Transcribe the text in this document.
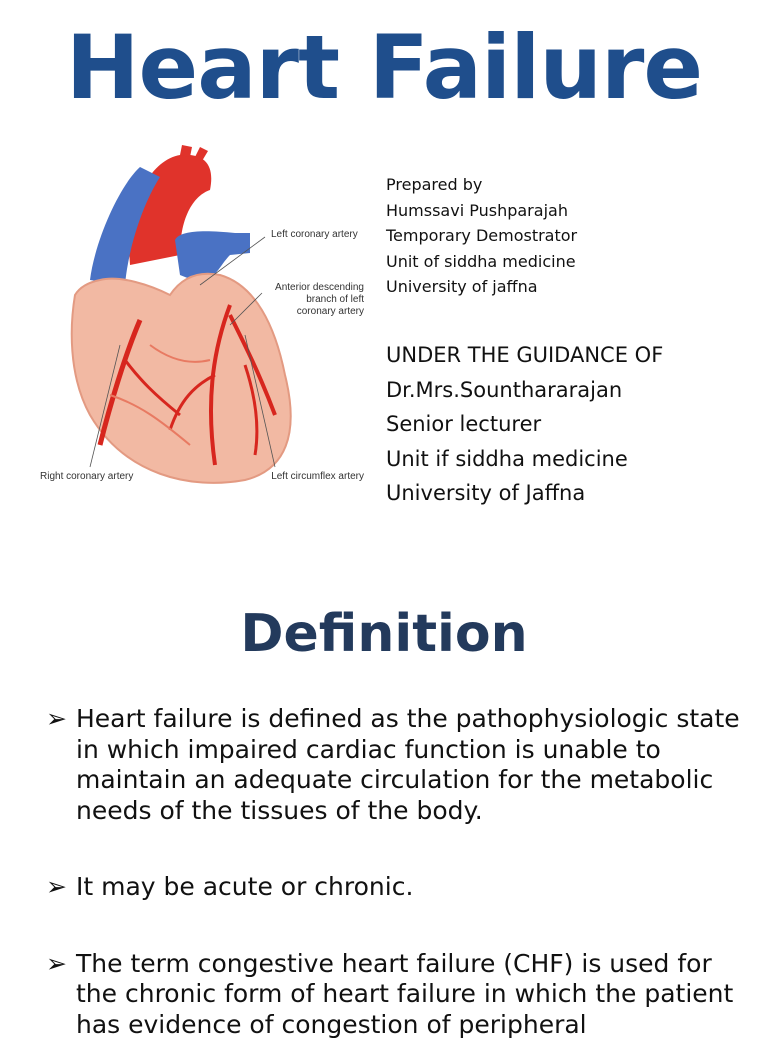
Heart Failure
Left coronary artery
Anterior descending
branch of left
coronary artery
Right coronary artery	Left circumflex artery
Prepared by
Humssavi Pushparajah
Temporary Demostrator
Unit of siddha medicine
University of jaffna
UNDER THE GUIDANCE OF
Dr.Mrs.Sounthararajan
Senior lecturer
Unit if siddha medicine
University of Jaffna
Definition
➢ Heart failure is defined as the pathophysiologic state in which impaired cardiac function is unable to maintain an adequate circulation for the metabolic needs of the tissues of the body.
➢ It may be acute or chronic.
➢ The term congestive heart failure (CHF) is used for the chronic form of heart failure in which the patient has evidence of congestion of peripheral
